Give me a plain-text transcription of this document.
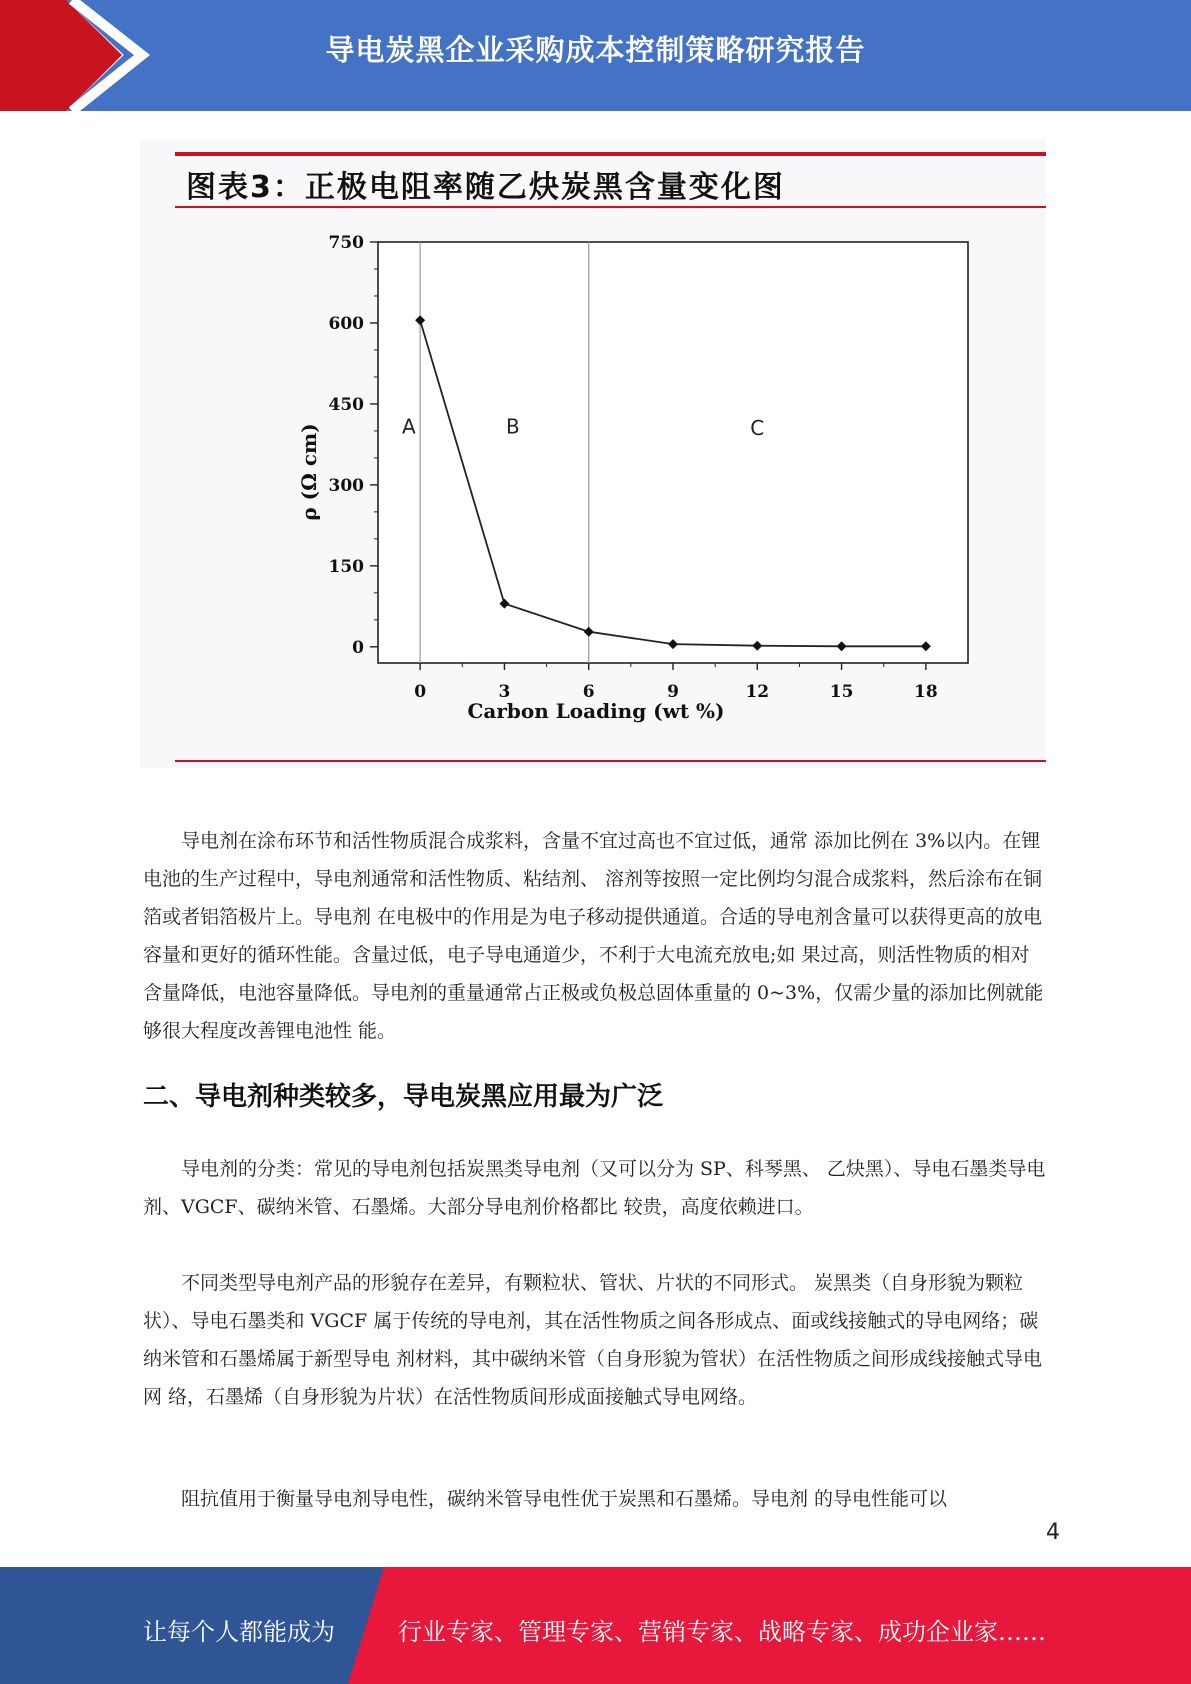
导电炭黑企业采购成本控制策略研究报告
图表3：正极电阻率随乙炔炭黑含量变化图
0	3	6	9	12	15	18
0
150
300
450
600
750
A	B	C
Carbon Loading (wt %)
ρ (Ω cm)

导电剂在涂布环节和活性物质混合成浆料，含量不宜过高也不宜过低，通常 添加比例在 3%以内。在锂电池的生产过程中，导电剂通常和活性物质、粘结剂、 溶剂等按照一定比例均匀混合成浆料，然后涂布在铜箔或者铝箔极片上。导电剂 在电极中的作用是为电子移动提供通道。合适的导电剂含量可以获得更高的放电 容量和更好的循环性能。含量过低，电子导电通道少，不利于大电流充放电;如 果过高，则活性物质的相对含量降低，电池容量降低。导电剂的重量通常占正极或负极总固体重量的 0~3%，仅需少量的添加比例就能够很大程度改善锂电池性 能。

二、导电剂种类较多，导电炭黑应用最为广泛

导电剂的分类：常见的导电剂包括炭黑类导电剂（又可以分为 SP、科琴黑、 乙炔黑）、导电石墨类导电剂、VGCF、碳纳米管、石墨烯。大部分导电剂价格都比 较贵，高度依赖进口。

不同类型导电剂产品的形貌存在差异，有颗粒状、管状、片状的不同形式。 炭黑类（自身形貌为颗粒状）、导电石墨类和 VGCF 属于传统的导电剂，其在活性物质之间各形成点、面或线接触式的导电网络；碳纳米管和石墨烯属于新型导电 剂材料，其中碳纳米管（自身形貌为管状）在活性物质之间形成线接触式导电网 络，石墨烯（自身形貌为片状）在活性物质间形成面接触式导电网络。

阻抗值用于衡量导电剂导电性，碳纳米管导电性优于炭黑和石墨烯。导电剂 的导电性能可以

4
让每个人都能成为	行业专家、管理专家、营销专家、战略专家、成功企业家……
